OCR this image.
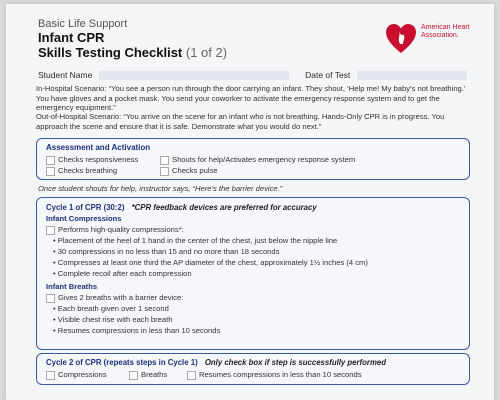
Basic Life Support
Infant CPR
Skills Testing Checklist (1 of 2)
American Heart Association.
Student Name	Date of Test
In-Hospital Scenario: “You see a person run through the door carrying an infant. They shout, ‘Help me! My baby’s not breathing.’ You have gloves and a pocket mask. You send your coworker to activate the emergency response system and to get the emergency equipment.”
Out-of-Hospital Scenario: “You arrive on the scene for an infant who is not breathing. Hands-Only CPR is in progress. You approach the scene and ensure that it is safe. Demonstrate what you would do next.”
Assessment and Activation
Checks responsiveness	Shouts for help/Activates emergency response system
Checks breathing	Checks pulse
Once student shouts for help, instructor says, “Here’s the barrier device.”
Cycle 1 of CPR (30:2) *CPR feedback devices are preferred for accuracy
Infant Compressions
Performs high-quality compressions*:
• Placement of the heel of 1 hand in the center of the chest, just below the nipple line
• 30 compressions in no less than 15 and no more than 18 seconds
• Compresses at least one third the AP diameter of the chest, approximately 1½ inches (4 cm)
• Complete recoil after each compression
Infant Breaths
Gives 2 breaths with a barrier device:
• Each breath given over 1 second
• Visible chest rise with each breath
• Resumes compressions in less than 10 seconds
Cycle 2 of CPR (repeats steps in Cycle 1) Only check box if step is successfully performed
Compressions	Breaths	Resumes compressions in less than 10 seconds
